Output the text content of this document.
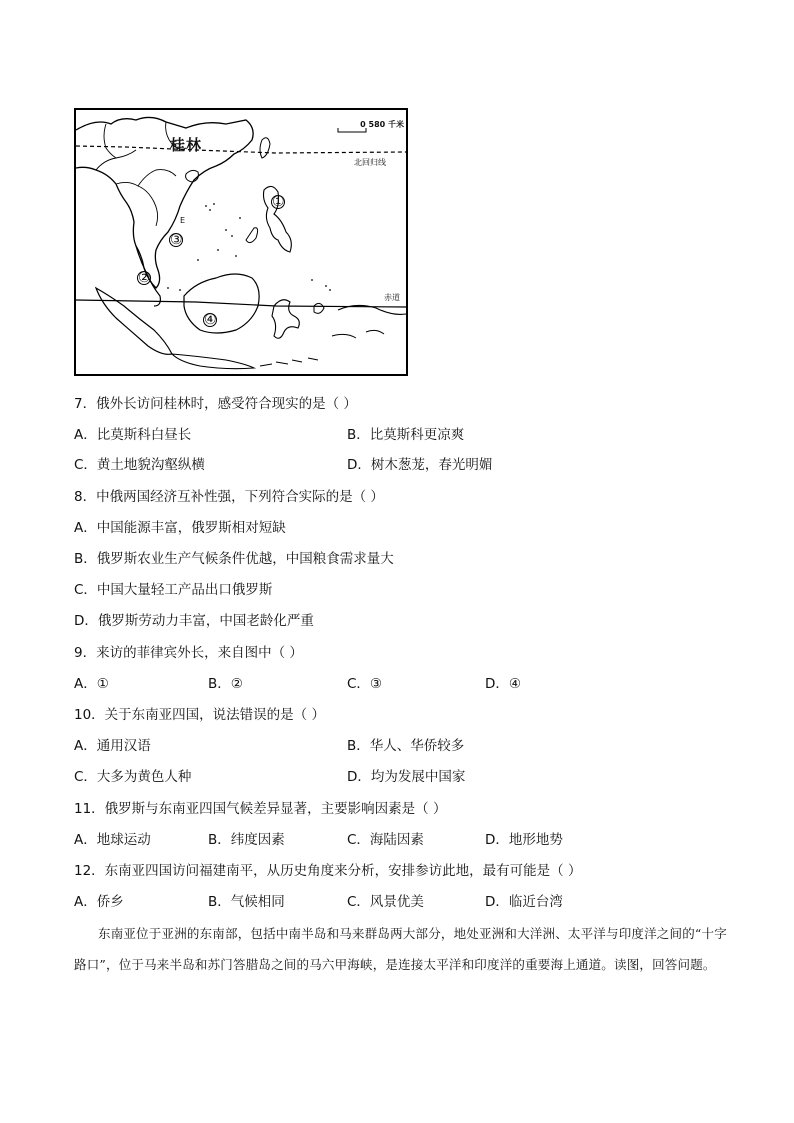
桂林
0 580 千米
北回归线
赤道
E
①
②
③
④
7．俄外长访问桂林时，感受符合现实的是（ ）
A．比莫斯科白昼长	B．比莫斯科更凉爽
C．黄土地貌沟壑纵横	D．树木葱茏，春光明媚
8．中俄两国经济互补性强，下列符合实际的是（ ）
A．中国能源丰富，俄罗斯相对短缺
B．俄罗斯农业生产气候条件优越，中国粮食需求量大
C．中国大量轻工产品出口俄罗斯
D．俄罗斯劳动力丰富，中国老龄化严重
9．来访的菲律宾外长，来自图中（ ）
A．①	B．②	C．③	D．④
10．关于东南亚四国，说法错误的是（ ）
A．通用汉语	B．华人、华侨较多
C．大多为黄色人种	D．均为发展中国家
11．俄罗斯与东南亚四国气候差异显著，主要影响因素是（ ）
A．地球运动	B．纬度因素	C．海陆因素	D．地形地势
12．东南亚四国访问福建南平，从历史角度来分析，安排参访此地，最有可能是（ ）
A．侨乡	B．气候相同	C．风景优美	D．临近台湾
东南亚位于亚洲的东南部，包括中南半岛和马来群岛两大部分，地处亚洲和大洋洲、太平洋与印度洋之间的“十字路口”，位于马来半岛和苏门答腊岛之间的马六甲海峡，是连接太平洋和印度洋的重要海上通道。读图，回答问题。
